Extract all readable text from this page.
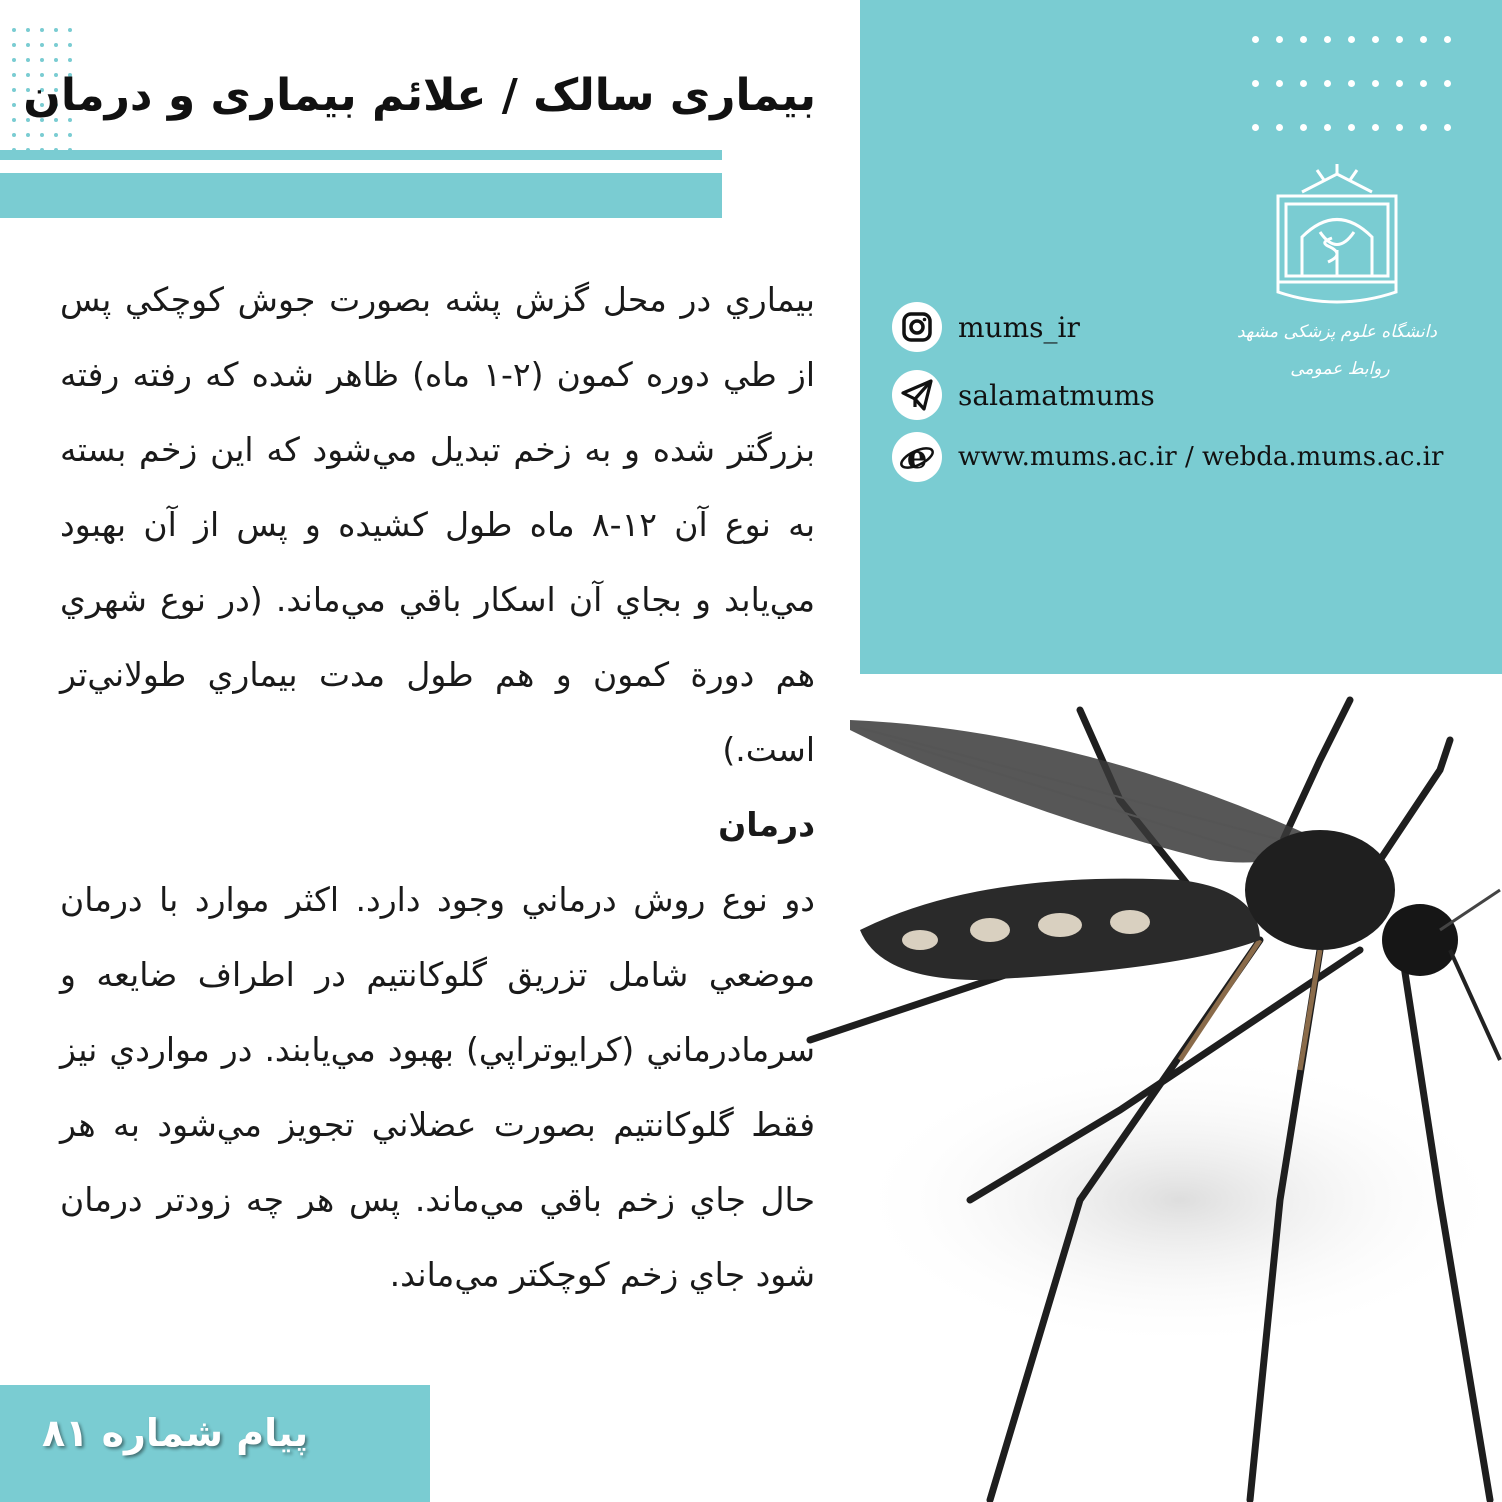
بیماری سالک / علائم بیماری و درمان
دانشگاه علوم پزشکی مشهد
روابط عمومی
mums_ir
salamatmums
e www.mums.ac.ir / webda.mums.ac.ir

بيماري در محل گزش پشه بصورت جوش كوچكي پس از طي دوره كمون (۲-۱ ماه) ظاهر شده كه رفته رفته بزرگتر شده و به زخم تبديل مي‌شود كه اين زخم بسته به نوع آن ۱۲-۸ ماه طول كشيده و پس از آن بهبود مي‌يابد و بجاي آن اسكار باقي مي‌ماند. (در نوع شهري هم دورة كمون و هم طول مدت بيماري طولاني‌تر است.)

درمان

دو نوع روش درماني وجود دارد. اكثر موارد با درمان موضعي شامل تزريق گلوكانتيم در اطراف ضايعه و سرمادرماني (كرايوتراپي) بهبود مي‌يابند. در مواردي نيز فقط گلوكانتيم بصورت عضلاني تجويز مي‌شود به هر حال جاي زخم باقي مي‌ماند. پس هر چه زودتر درمان شود جاي زخم كوچكتر مي‌ماند.

پیام شماره ۸۱
